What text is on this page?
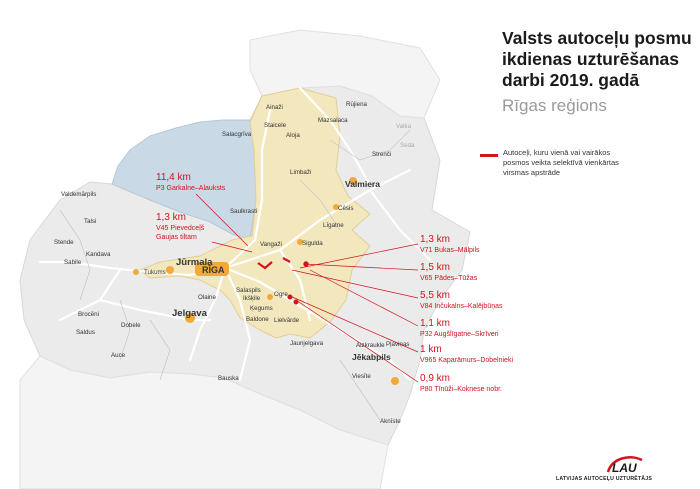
Ainaži	Rūjiena
Staicele
Mazsalaca
Valka
Salacgrīva	Aloja
Strenči
Seda
Limbaži
Valmiera
Valdemārpils
Saulkrasti	Cēsis
Talsi
Līgatne
Vangaži	Sigulda
Stende
Kandava
Sabile	Jūrmala
RĪGA
Tukums
Salaspils
Olaine	Ikšķile
Ogre
Ķegums
Baldone Lielvārde
Brocēni	Jelgava
Dobele
Saldus
Auce
Jaunjelgava	Aizkraukle
Jēkabpils
Pļaviņas
Bauska	Viesīte
Aknīste
11,4 km
P3 Garkalne–Alauksts
1,3 km
V45 Pievedceļš
Gaujas tiltam	1,3 km
V71 Bukas–Mālpils
1,5 km
V65 Pādes–Tūžas
5,5 km
V84 Inčukalns–Kalējbūņas
1,1 km
P32 Augšlīgatne–Skrīveri
1 km
V965 Kaparāmurs–Dobelnieki
0,9 km
P80 Tīnūži–Koknese nobr.
Valsts autoceļu posmu
ikdienas uzturēšanas
darbi 2019. gadā
Rīgas reģions
Autoceļi, kuru vienā vai vairākos
posmos veikta selektīvā vienkārtas
virsmas apstrāde
LAU
LATVIJAS AUTOCEĻU UZTURĒTĀJS
